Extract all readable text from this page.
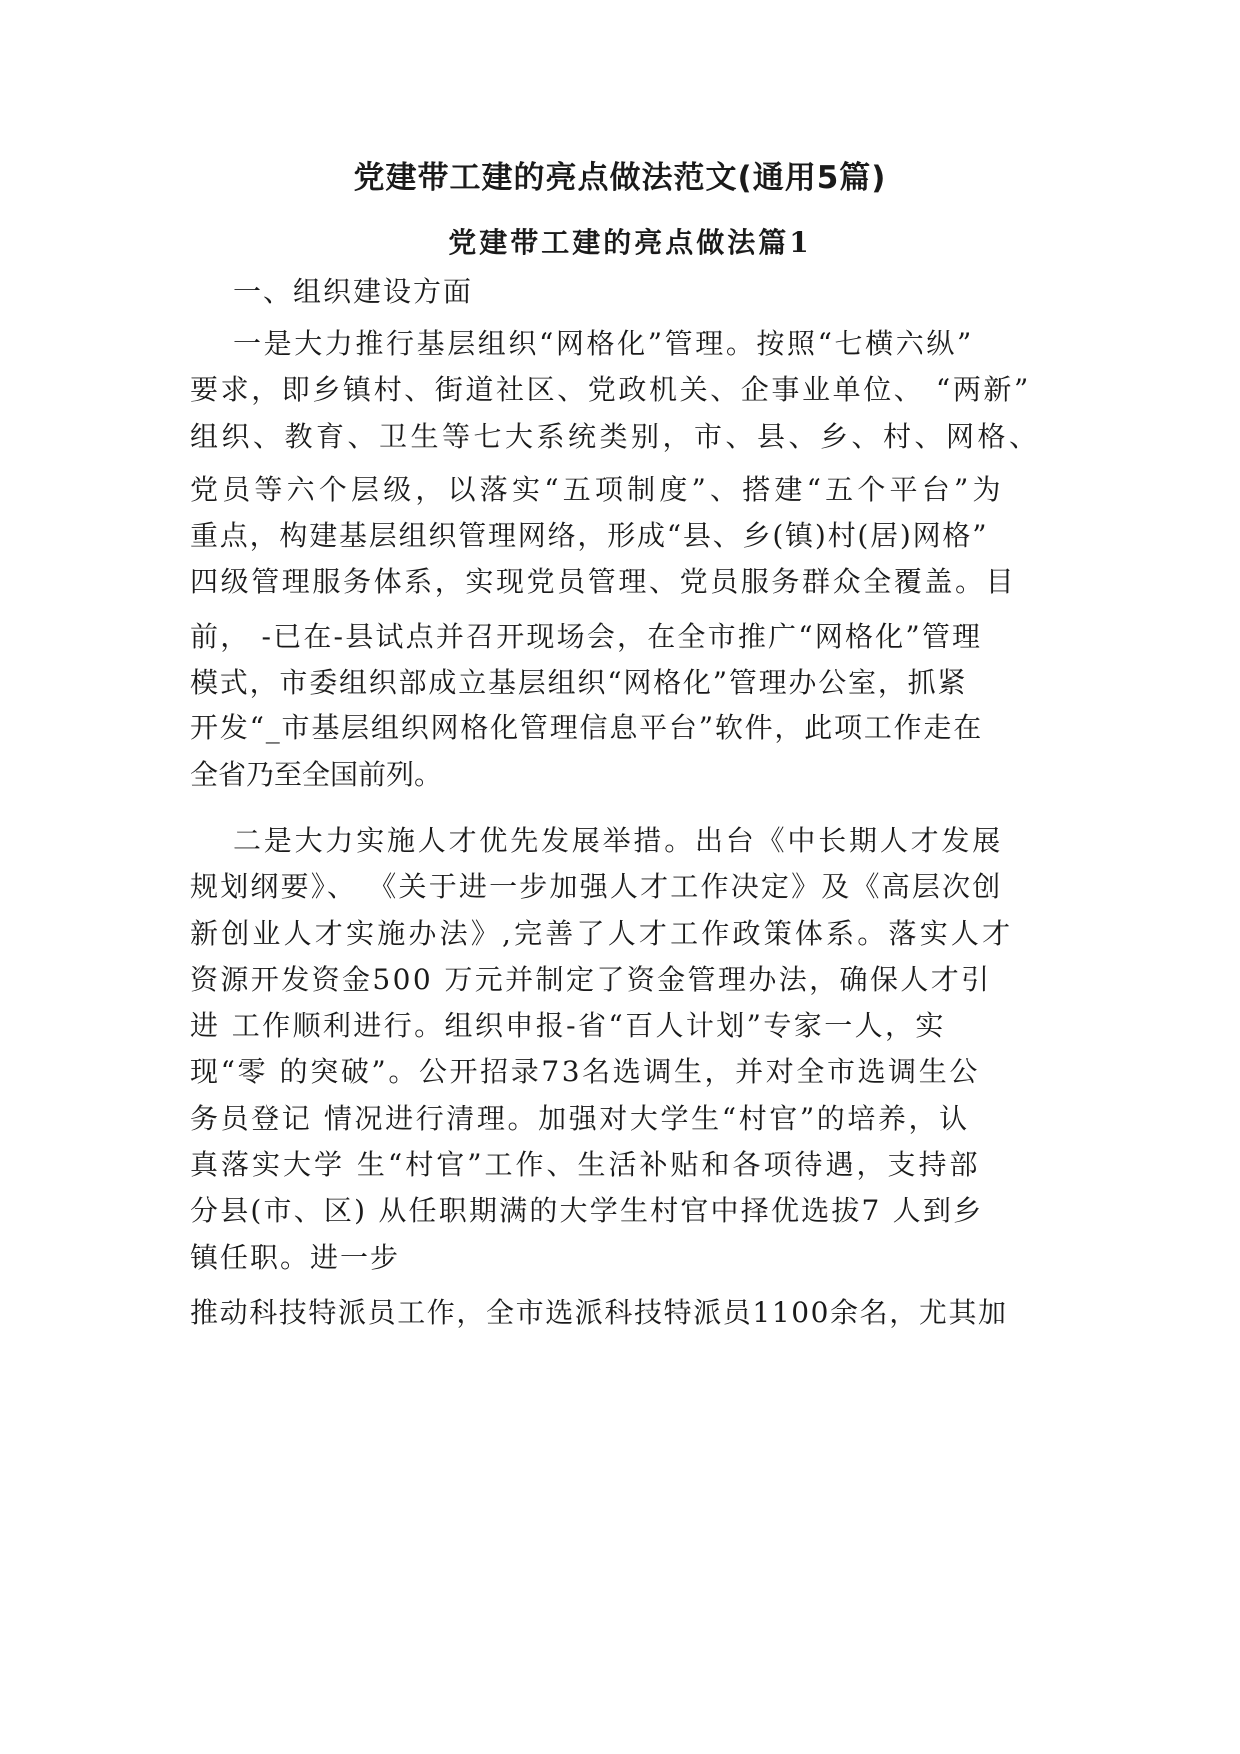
党建带工建的亮点做法范文(通用5篇)
党建带工建的亮点做法篇1

一、组织建设方面

一是大力推行基层组织“网格化”管理。按照“七横六纵”

要求，即乡镇村、街道社区、党政机关、企事业单位、 “两新”

组织、教育、卫生等七大系统类别，市、县、乡、村、网格、

党员等六个层级，以落实“五项制度”、搭建“五个平台”为

重点，构建基层组织管理网络，形成“县、乡(镇)村(居)网格”

四级管理服务体系，实现党员管理、党员服务群众全覆盖。目

前， -已在-县试点并召开现场会，在全市推广“网格化”管理

模式，市委组织部成立基层组织“网格化”管理办公室，抓紧

开发“_市基层组织网格化管理信息平台”软件，此项工作走在

全省乃至全国前列。

二是大力实施人才优先发展举措。出台《中长期人才发展

规划纲要》、 《关于进一步加强人才工作决定》及《高层次创

新创业人才实施办法》,完善了人才工作政策体系。落实人才

资源开发资金500 万元并制定了资金管理办法，确保人才引

进 工作顺利进行。组织申报-省“百人计划”专家一人，实

现“零 的突破”。公开招录73名选调生，并对全市选调生公

务员登记 情况进行清理。加强对大学生“村官”的培养，认

真落实大学 生“村官”工作、生活补贴和各项待遇，支持部

分县(市、区) 从任职期满的大学生村官中择优选拔7 人到乡

镇任职。进一步

推动科技特派员工作，全市选派科技特派员1100余名，尤其加
